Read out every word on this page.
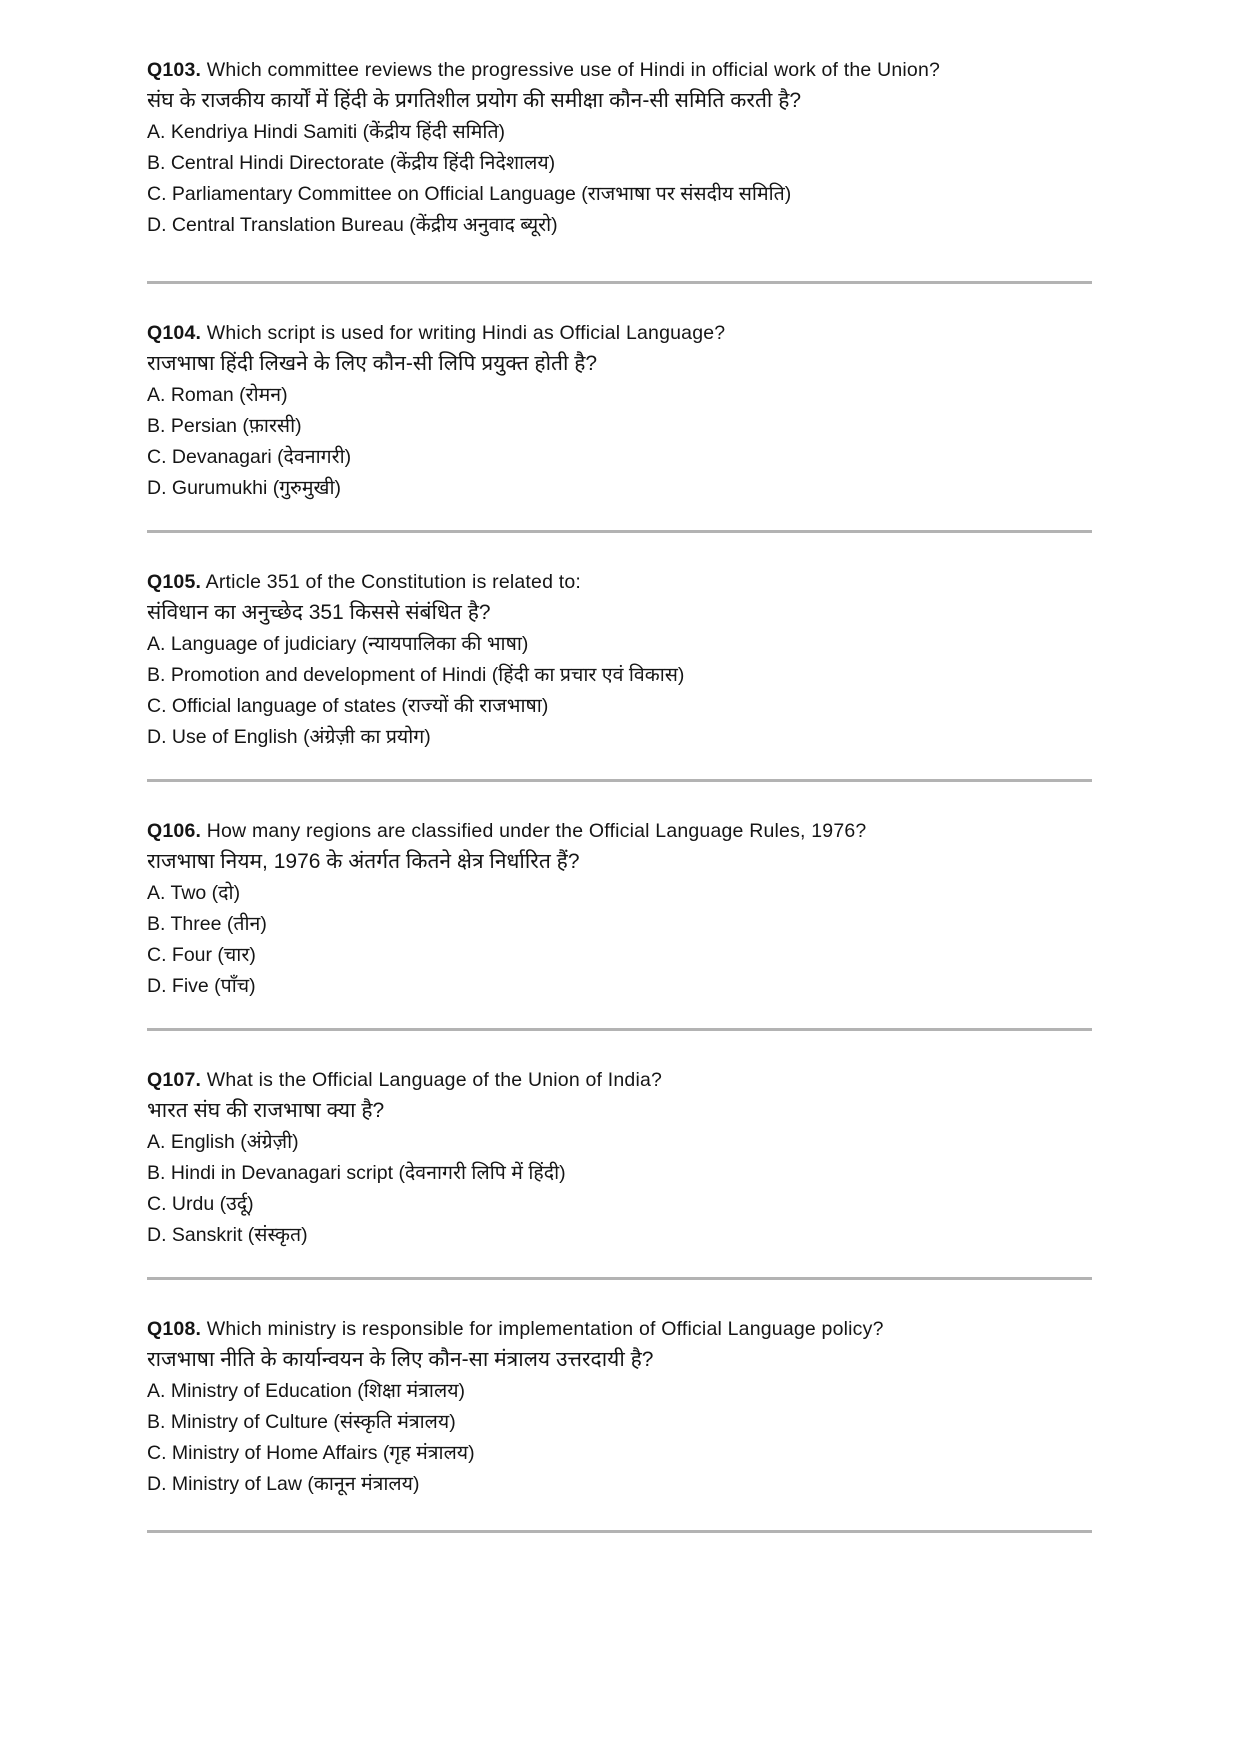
Q103. Which committee reviews the progressive use of Hindi in official work of the Union?
संघ के राजकीय कार्यों में हिंदी के प्रगतिशील प्रयोग की समीक्षा कौन-सी समिति करती है?
A. Kendriya Hindi Samiti (केंद्रीय हिंदी समिति)
B. Central Hindi Directorate (केंद्रीय हिंदी निदेशालय)
C. Parliamentary Committee on Official Language (राजभाषा पर संसदीय समिति)
D. Central Translation Bureau (केंद्रीय अनुवाद ब्यूरो)
Q104. Which script is used for writing Hindi as Official Language?
राजभाषा हिंदी लिखने के लिए कौन-सी लिपि प्रयुक्त होती है?
A. Roman (रोमन)
B. Persian (फ़ारसी)
C. Devanagari (देवनागरी)
D. Gurumukhi (गुरुमुखी)
Q105. Article 351 of the Constitution is related to:
संविधान का अनुच्छेद 351 किससे संबंधित है?
A. Language of judiciary (न्यायपालिका की भाषा)
B. Promotion and development of Hindi (हिंदी का प्रचार एवं विकास)
C. Official language of states (राज्यों की राजभाषा)
D. Use of English (अंग्रेज़ी का प्रयोग)
Q106. How many regions are classified under the Official Language Rules, 1976?
राजभाषा नियम, 1976 के अंतर्गत कितने क्षेत्र निर्धारित हैं?
A. Two (दो)
B. Three (तीन)
C. Four (चार)
D. Five (पाँच)
Q107. What is the Official Language of the Union of India?
भारत संघ की राजभाषा क्या है?
A. English (अंग्रेज़ी)
B. Hindi in Devanagari script (देवनागरी लिपि में हिंदी)
C. Urdu (उर्दू)
D. Sanskrit (संस्कृत)
Q108. Which ministry is responsible for implementation of Official Language policy?
राजभाषा नीति के कार्यान्वयन के लिए कौन-सा मंत्रालय उत्तरदायी है?
A. Ministry of Education (शिक्षा मंत्रालय)
B. Ministry of Culture (संस्कृति मंत्रालय)
C. Ministry of Home Affairs (गृह मंत्रालय)
D. Ministry of Law (कानून मंत्रालय)
